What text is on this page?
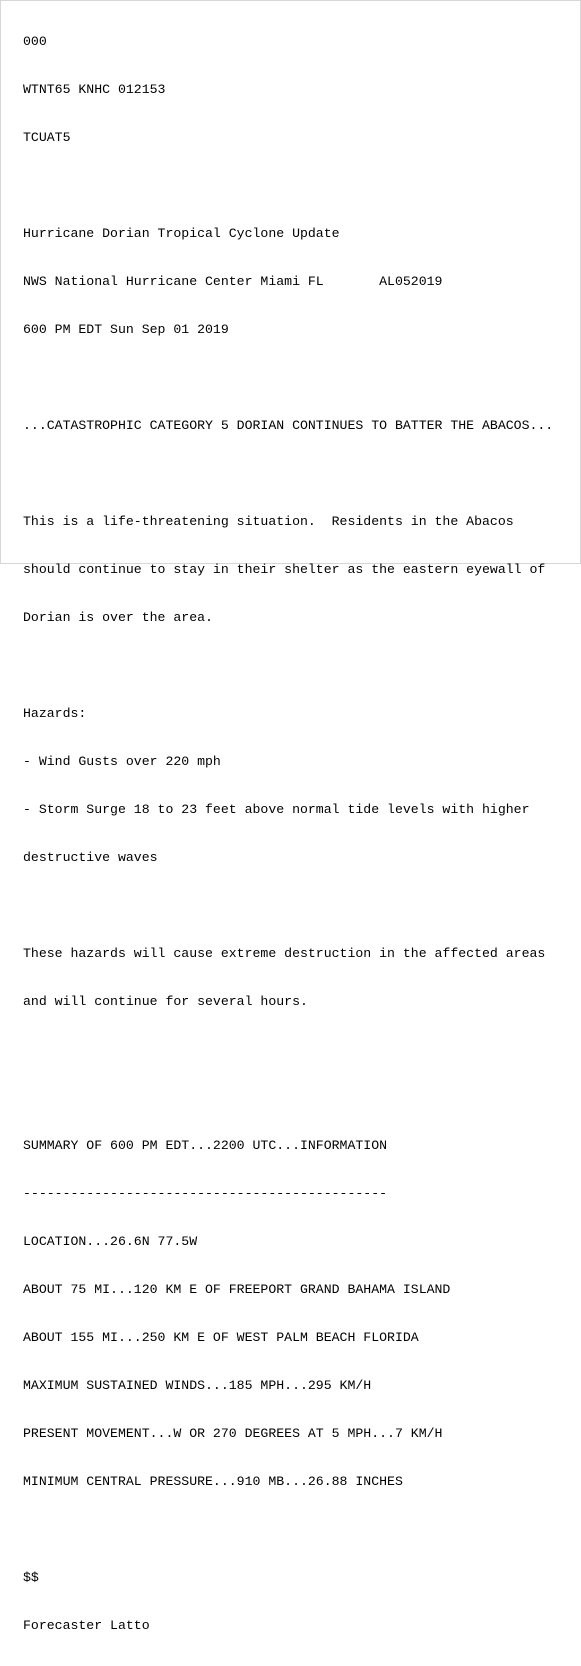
000

WTNT65 KNHC 012153

TCUAT5

Hurricane Dorian Tropical Cyclone Update

NWS National Hurricane Center Miami FL       AL052019

600 PM EDT Sun Sep 01 2019

...CATASTROPHIC CATEGORY 5 DORIAN CONTINUES TO BATTER THE ABACOS...

This is a life-threatening situation.  Residents in the Abacos

should continue to stay in their shelter as the eastern eyewall of

Dorian is over the area.

Hazards:

- Wind Gusts over 220 mph

- Storm Surge 18 to 23 feet above normal tide levels with higher

destructive waves

These hazards will cause extreme destruction in the affected areas

and will continue for several hours.

SUMMARY OF 600 PM EDT...2200 UTC...INFORMATION

----------------------------------------------

LOCATION...26.6N 77.5W

ABOUT 75 MI...120 KM E OF FREEPORT GRAND BAHAMA ISLAND

ABOUT 155 MI...250 KM E OF WEST PALM BEACH FLORIDA

MAXIMUM SUSTAINED WINDS...185 MPH...295 KM/H

PRESENT MOVEMENT...W OR 270 DEGREES AT 5 MPH...7 KM/H

MINIMUM CENTRAL PRESSURE...910 MB...26.88 INCHES

$$

Forecaster Latto
